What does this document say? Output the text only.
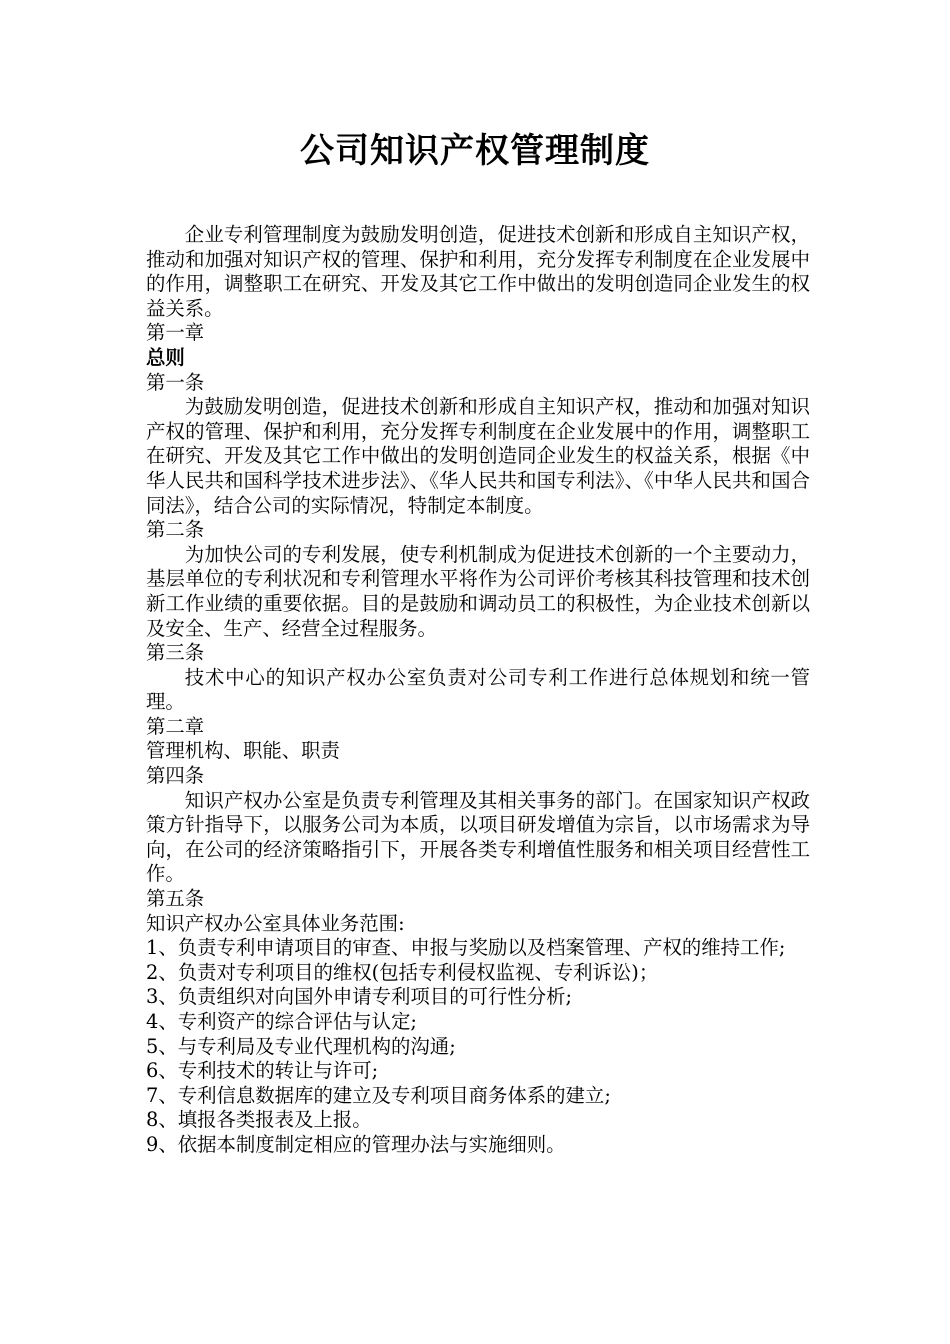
公司知识产权管理制度

企业专利管理制度为鼓励发明创造，促进技术创新和形成自主知识产权，推动和加强对知识产权的管理、保护和利用，充分发挥专利制度在企业发展中的作用，调整职工在研究、开发及其它工作中做出的发明创造同企业发生的权益关系。

第一章

总则

第一条

为鼓励发明创造，促进技术创新和形成自主知识产权，推动和加强对知识产权的管理、保护和利用，充分发挥专利制度在企业发展中的作用，调整职工在研究、开发及其它工作中做出的发明创造同企业发生的权益关系，根据《中华人民共和国科学技术进步法》、《华人民共和国专利法》、《中华人民共和国合同法》，结合公司的实际情况，特制定本制度。

第二条

为加快公司的专利发展，使专利机制成为促进技术创新的一个主要动力，基层单位的专利状况和专利管理水平将作为公司评价考核其科技管理和技术创新工作业绩的重要依据。目的是鼓励和调动员工的积极性，为企业技术创新以及安全、生产、经营全过程服务。

第三条

技术中心的知识产权办公室负责对公司专利工作进行总体规划和统一管理。

第二章

管理机构、职能、职责

第四条

知识产权办公室是负责专利管理及其相关事务的部门。在国家知识产权政策方针指导下，以服务公司为本质，以项目研发增值为宗旨，以市场需求为导向，在公司的经济策略指引下，开展各类专利增值性服务和相关项目经营性工作。

第五条

知识产权办公室具体业务范围:

1、负责专利申请项目的审查、申报与奖励以及档案管理、产权的维持工作;

2、负责对专利项目的维权(包括专利侵权监视、专利诉讼)；

3、负责组织对向国外申请专利项目的可行性分析;

4、专利资产的综合评估与认定;

5、与专利局及专业代理机构的沟通;

6、专利技术的转让与许可;

7、专利信息数据库的建立及专利项目商务体系的建立;

8、填报各类报表及上报。

9、依据本制度制定相应的管理办法与实施细则。
